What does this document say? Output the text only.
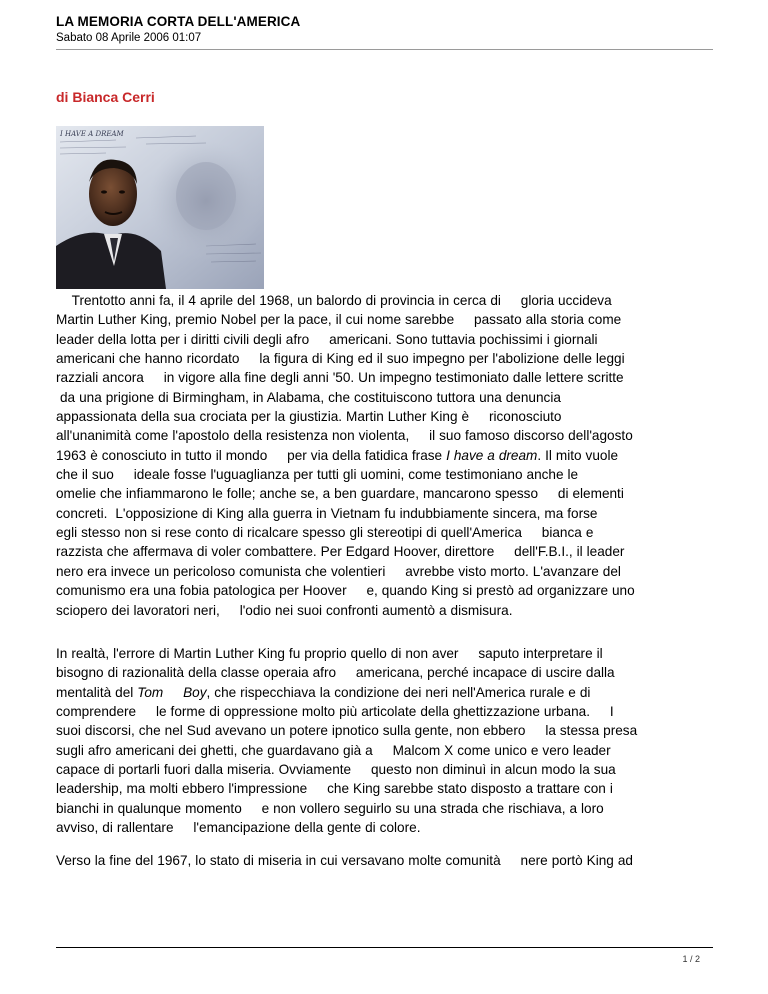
LA MEMORIA CORTA DELL'AMERICA
Sabato 08 Aprile 2006 01:07
di Bianca Cerri
I HAVE A DREAM
Trentotto anni fa, il 4 aprile del 1968, un balordo di provincia in cerca di     gloria uccideva
Martin Luther King, premio Nobel per la pace, il cui nome sarebbe     passato alla storia come
leader della lotta per i diritti civili degli afro     americani. Sono tuttavia pochissimi i giornali
americani che hanno ricordato     la figura di King ed il suo impegno per l'abolizione delle leggi
razziali ancora     in vigore alla fine degli anni '50. Un impegno testimoniato dalle lettere scritte
da una prigione di Birmingham, in Alabama, che costituiscono tuttora una denuncia
appassionata della sua crociata per la giustizia. Martin Luther King è     riconosciuto
all'unanimità come l'apostolo della resistenza non violenta,     il suo famoso discorso dell'agosto
1963 è conosciuto in tutto il mondo     per via della fatidica frase I have a dream. Il mito vuole
che il suo     ideale fosse l'uguaglianza per tutti gli uomini, come testimoniano anche le
omelie che infiammarono le folle; anche se, a ben guardare, mancarono spesso     di elementi
concreti.  L'opposizione di King alla guerra in Vietnam fu indubbiamente sincera, ma forse
egli stesso non si rese conto di ricalcare spesso gli stereotipi di quell'America     bianca e
razzista che affermava di voler combattere. Per Edgard Hoover, direttore     dell'F.B.I., il leader
nero era invece un pericoloso comunista che volentieri     avrebbe visto morto. L'avanzare del
comunismo era una fobia patologica per Hoover     e, quando King si prestò ad organizzare uno
sciopero dei lavoratori neri,     l'odio nei suoi confronti aumentò a dismisura.
In realtà, l'errore di Martin Luther King fu proprio quello di non aver     saputo interpretare il
bisogno di razionalità della classe operaia afro     americana, perché incapace di uscire dalla
mentalità del Tom     Boy, che rispecchiava la condizione dei neri nell'America rurale e di
comprendere     le forme di oppressione molto più articolate della ghettizzazione urbana.     I
suoi discorsi, che nel Sud avevano un potere ipnotico sulla gente, non ebbero     la stessa presa
sugli afro americani dei ghetti, che guardavano già a     Malcom X come unico e vero leader
capace di portarli fuori dalla miseria. Ovviamente     questo non diminuì in alcun modo la sua
leadership, ma molti ebbero l'impressione     che King sarebbe stato disposto a trattare con i
bianchi in qualunque momento     e non vollero seguirlo su una strada che rischiava, a loro
avviso, di rallentare     l'emancipazione della gente di colore.
Verso la fine del 1967, lo stato di miseria in cui versavano molte comunità     nere portò King ad
1 / 2
